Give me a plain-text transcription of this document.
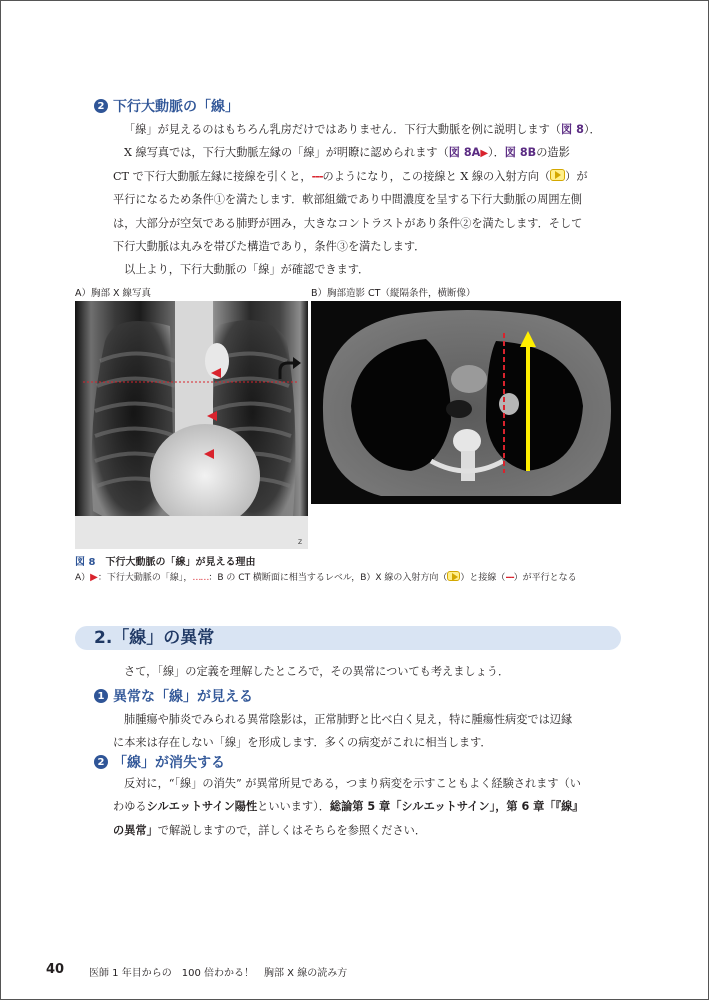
2 下行大動脈の「線」
「線」が見えるのはもちろん乳房だけではありません．下行大動脈を例に説明します（図 8）．
X 線写真では，下行大動脈左縁の「線」が明瞭に認められます（図 8A▶）．図 8Bの造影
CT で下行大動脈左縁に接線を引くと，---のようになり，この接線と X 線の入射方向（ ）が
平行になるため条件①を満たします．軟部組織であり中間濃度を呈する下行大動脈の周囲左側
は，大部分が空気である肺野が囲み，大きなコントラストがあり条件②を満たします．そして
下行大動脈は丸みを帯びた構造であり，条件③を満たします．
以上より，下行大動脈の「線」が確認できます．
A）胸部 X 線写真	B）胸部造影 CT（縦隔条件，横断像）
Z
図 8 下行大動脈の「線」が見える理由
A）▶：下行大動脈の「線」，……：B の CT 横断面に相当するレベル，B）X 線の入射方向（ ）と接線（---）が平行となる
2.「線」の異常
さて，「線」の定義を理解したところで，その異常についても考えましょう．
1 異常な「線」が見える
肺腫瘍や肺炎でみられる異常陰影は，正常肺野と比べ白く見え，特に腫瘍性病変では辺縁
に本来は存在しない「線」を形成します．多くの病変がこれに相当します．
2 「線」が消失する
反対に，“「線」の消失” が異常所見である，つまり病変を示すこともよく経験されます（い
わゆるシルエットサイン陽性といいます）．総論第 5 章「シルエットサイン」，第 6 章「『線』
の異常」で解説しますので，詳しくはそちらを参照ください．
40 医師 1 年目からの　100 倍わかる！　胸部 X 線の読み方
